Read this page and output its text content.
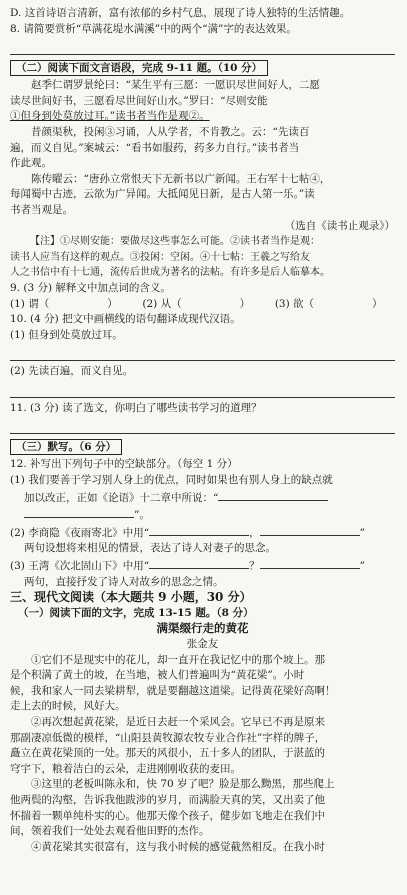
D. 这首诗语言清新，富有浓郁的乡村气息，展现了诗人独特的生活情趣。
8. 请简要赏析“草满花堤水满溪”中的两个“满”字的表达效果。
（二）阅读下面文言语段，完成 9-11 题。（10 分）
赵季仁谓罗景纶曰：“某生平有三愿：一愿识尽世间好人，二愿
读尽世间好书，三愿看尽世间好山水。”罗曰：“尽则安能
①但身到处莫放过耳。”读书者当作是观②。
昔颜渠秋，投闲③习诵，人从学者，不肯教之。云：“先读百
遍，而义自见。”案城云：“看书如服药，药多力自行。”读书者当
作此观。
陈传曜云：“唐孙立常恨天下无新书以广新闻。王右军十七帖④，
每闻蜀中古迹，云欲为广异闻。大抵闻见日新，是古人第一乐。”读
书者当观是。
（选自《读书止观录》）
【注】①尽则安能：要做尽这些事怎么可能。②读书者当作是观：
读书人应当有这样的观点。③投闲：空闲。④十七帖：王羲之写给友
人之书信中有十七通，流传后世成为著名的法帖。有许多是后人临摹本。
9. (3 分) 解释文中加点词的含义。
(1) 谓（	） (2) 从（	） (3) 欲（	）
10. (4 分) 把文中画横线的语句翻译成现代汉语。
(1) 但身到处莫放过耳。
(2) 先读百遍，而义自见。
11. (3 分) 读了选文，你明白了哪些读书学习的道理？
（三）默写。（6 分）
12. 补写出下列句子中的空缺部分。（每空 1 分）
(1) 我们要善于学习别人身上的优点，同时如果也有别人身上的缺点就
加以改正，正如《论语》十二章中所说：“
”。
(2) 李商隐《夜雨寄北》中用“	，	”
两句设想将来相见的情景，表达了诗人对妻子的思念。
(3) 王湾《次北固山下》中用“	？	”
两句，直接抒发了诗人对故乡的思念之情。
三、现代文阅读（本大题共 9 小题，30 分）
（一）阅读下面的文字，完成 13-15 题。（8 分）
满渠缀行走的黄花
张金友
①它们不是现实中的花儿，却一直开在我记忆中的那个坡上。那
是个积满了黄土的坡，在当地，被人们普遍叫为“黄花梁”。小时
候，我和家人一同去梁耕犁，就是要翻越这道梁。记得黄花梁好高啊！
走上去的时候，风好大。
②再次想起黄花梁，是近日去赶一个采风会。它早已不再是原来
那副凄凉低微的模样，“山阳县黄牧源农牧专业合作社”字样的牌子，
矗立在黄花梁顶的一处。那天的风很小，五十多人的团队，于湛蓝的
穹宇下，粮着洁白的云朵，走进刚刚收获的麦田。
③这里的老板叫陈永和，快 70 岁了吧？脸是那么黝黑，那些爬上
他两鬓的沟壑，告诉我他跋涉的岁月，而满脸天真的笑，又出卖了他
怀揣着一颗单纯朴实的心。他那天像个孩子，健步如飞地走在我们中
间，领着我们一处处去观看他田野的杰作。
④黄花梁其实很富有，这与我小时候的感觉截然相反。在我小时
